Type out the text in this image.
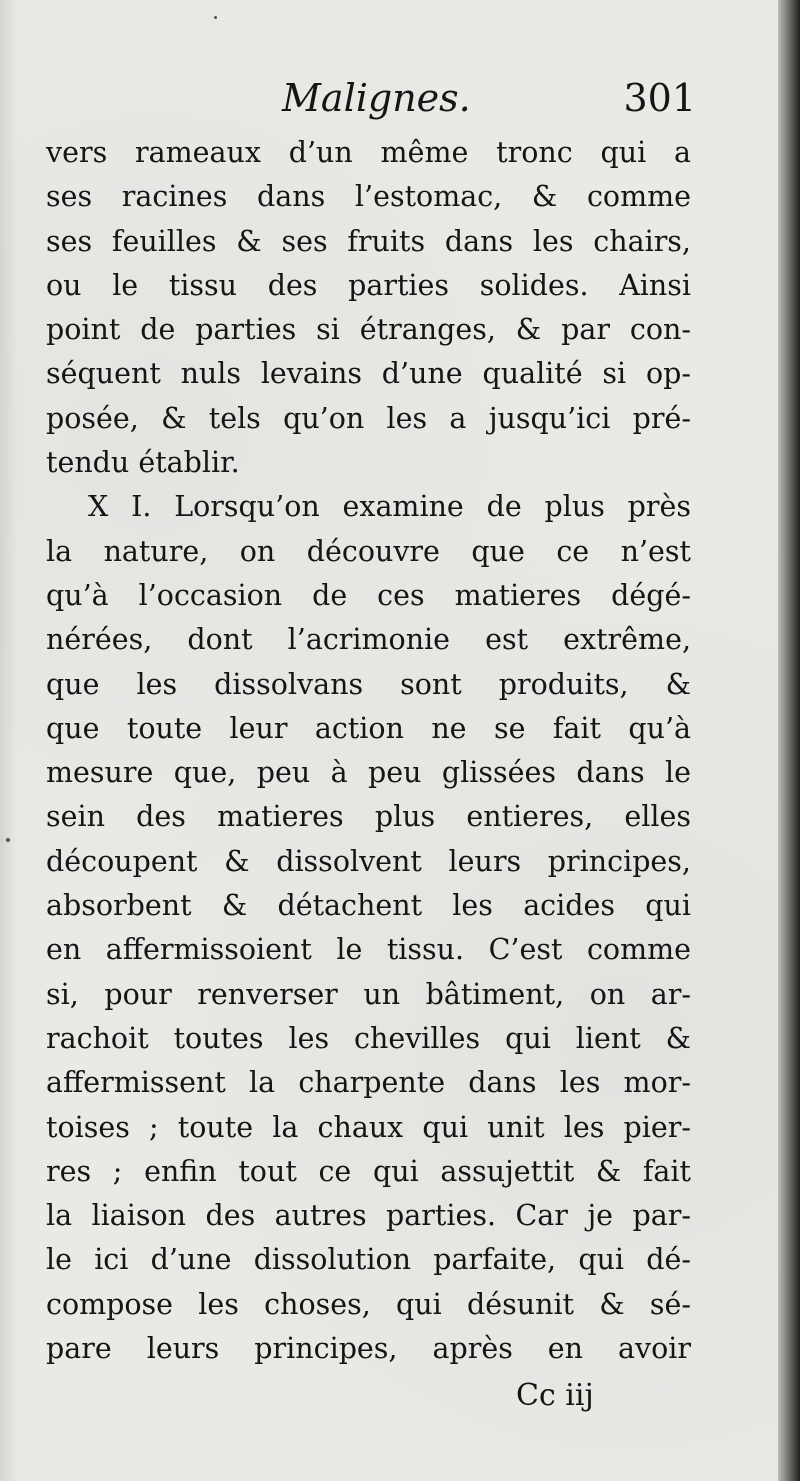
Malignes.	301
vers rameaux d’un même tronc qui a
ses racines dans l’estomac, & comme
ses feuilles & ses fruits dans les chairs,
ou le tissu des parties solides. Ainsi
point de parties si étranges, & par con-
séquent nuls levains d’une qualité si op-
posée, & tels qu’on les a jusqu’ici pré-
tendu établir.
X I. Lorsqu’on examine de plus près
la nature, on découvre que ce n’est
qu’à l’occasion de ces matieres dégé-
nérées, dont l’acrimonie est extrême,
que les dissolvans sont produits, &
que toute leur action ne se fait qu’à
mesure que, peu à peu glissées dans le
sein des matieres plus entieres, elles
découpent & dissolvent leurs principes,
absorbent & détachent les acides qui
en affermissoient le tissu. C’est comme
si, pour renverser un bâtiment, on ar-
rachoit toutes les chevilles qui lient &
affermissent la charpente dans les mor-
toises ; toute la chaux qui unit les pier-
res ; enfin tout ce qui assujettit & fait
la liaison des autres parties. Car je par-
le ici d’une dissolution parfaite, qui dé-
compose les choses, qui désunit & sé-
pare leurs principes, après en avoir
Cc iij
